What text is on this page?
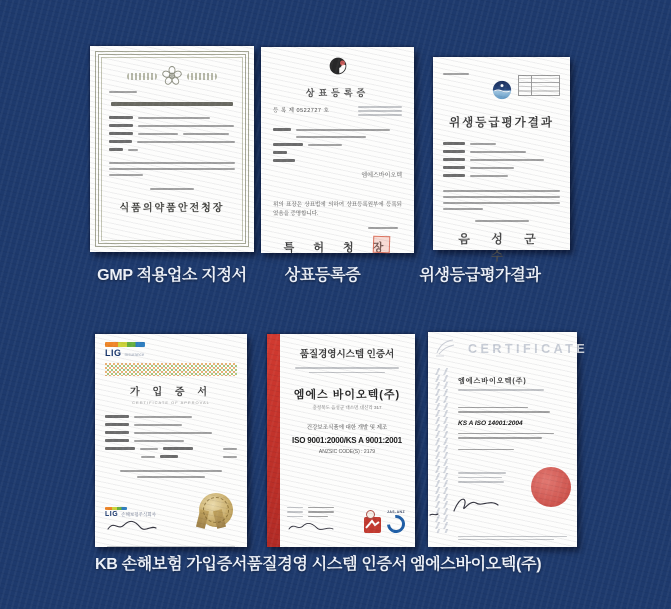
식품의약품안전청장
상표등록증
등 록 제 0522727 호
엠에스바이오텍
위의 표장은 상표법에 의하여 상표등록원부에 등록되었음을 증명합니다.
특 허 청 장
위생등급평가결과
음 성 군 수
LIG Insurance
가 입 증 서
CERTIFICATE OF APPROVAL
LIG 손해보험주식회사
품질경영시스템 인증서
엠에스 바이오텍(주)
충청북도 음성군 대소면 대신리 317
건강보조식품에 대한 개발 및 제조
ISO 9001:2000/KS A 9001:2001
ANZSIC CODE(S) : 2179
JAS-ANZ
CERTIFICATE
엠에스바이오텍(주)
KS A ISO 14001:2004
GMP 적용업소 지정서	상표등록증	위생등급평가결과
KB 손해보험 가입증서 품질경영 시스템 인증서 엠에스바이오텍(주)
